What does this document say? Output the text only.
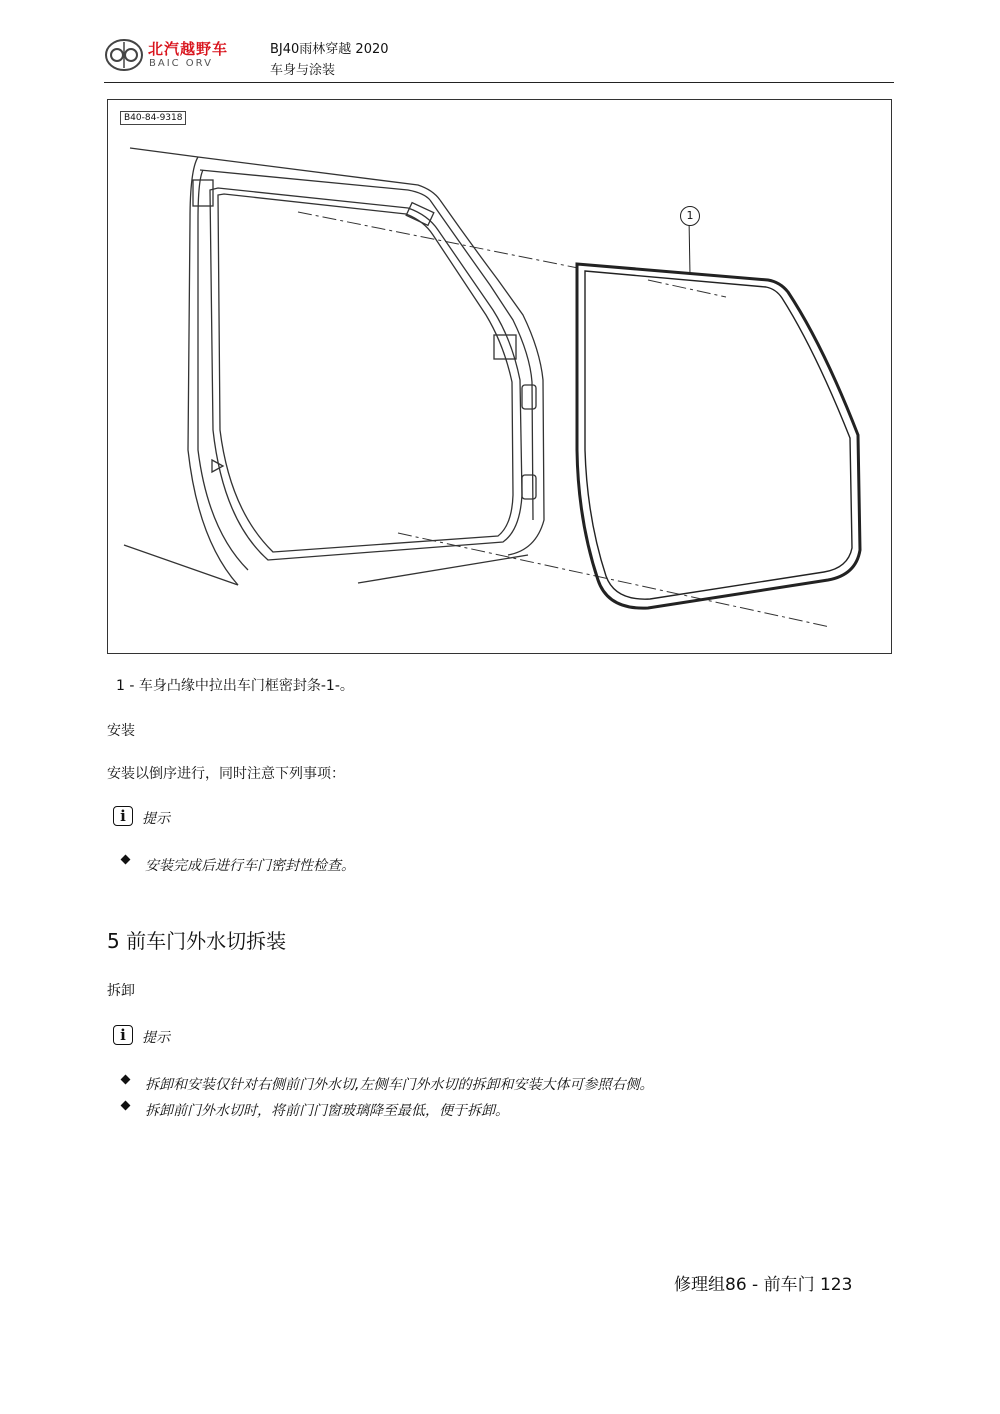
北汽越野车
BAIC ORV
BJ40雨林穿越 2020
车身与涂装
B40-84-9318
1
1 - 车身凸缘中拉出车门框密封条-1-。
安装
安装以倒序进行，同时注意下列事项：
i	提示
安装完成后进行车门密封性检查。
5 前车门外水切拆装
拆卸
i	提示
拆卸和安装仅针对右侧前门外水切,左侧车门外水切的拆卸和安装大体可参照右侧。
拆卸前门外水切时，将前门门窗玻璃降至最低，便于拆卸。
修理组86 - 前车门 123
